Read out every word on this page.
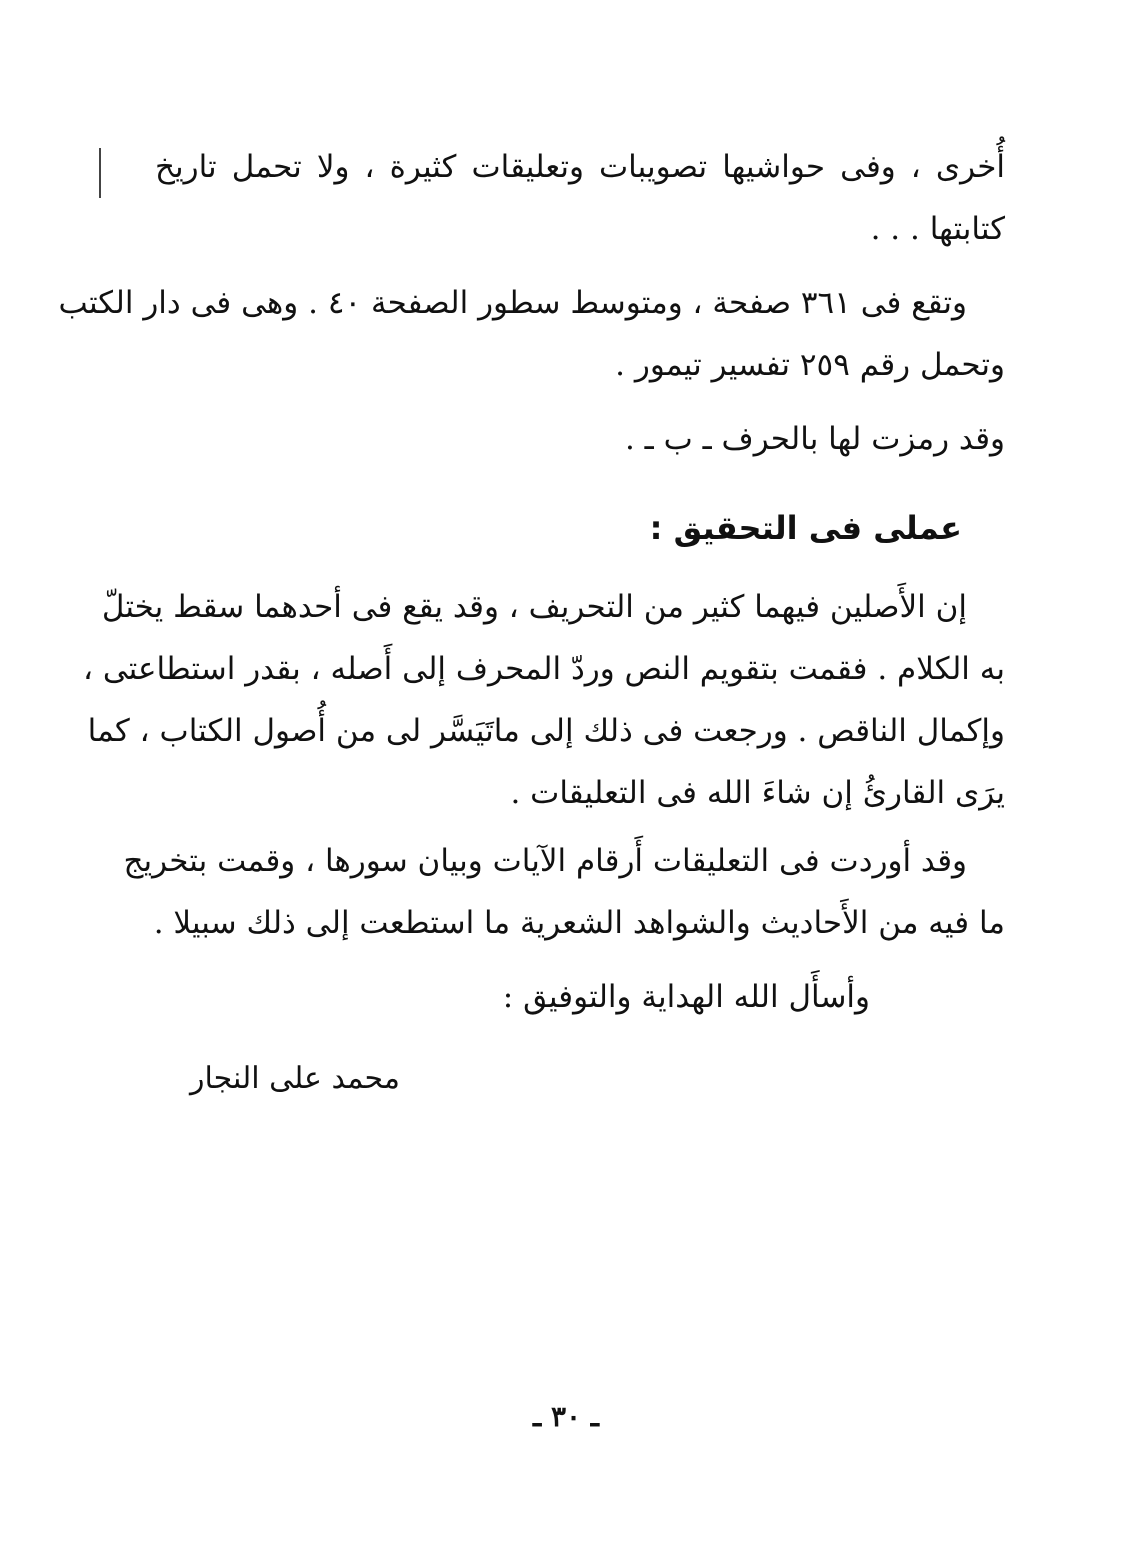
أُخرى ، وفى حواشيها تصويبات وتعليقات كثيرة ، ولا تحمل تاريخ
كتابتها . . .
وتقع فى ٣٦١ صفحة ، ومتوسط سطور الصفحة ٤٠ . وهى فى دار الكتب
وتحمل رقم ٢٥٩ تفسير تيمور .
وقد رمزت لها بالحرف ـ ب ـ .
عملى فى التحقيق :
إن الأَصلين فيهما كثير من التحريف ، وقد يقع فى أحدهما سقط يختلّ
به الكلام . فقمت بتقويم النص وردّ المحرف إلى أَصله ، بقدر استطاعتى ،
وإكمال الناقص . ورجعت فى ذلك إلى ماتَيَسَّر لى من أُصول الكتاب ، كما
يرَى القارئُ إن شاءَ الله فى التعليقات .
وقد أوردت فى التعليقات أَرقام الآيات وبيان سورها ، وقمت بتخريج
ما فيه من الأَحاديث والشواهد الشعرية ما استطعت إلى ذلك سبيلا .
وأسأَل الله الهداية والتوفيق :
محمد على النجار
ـ ٣٠ ـ
